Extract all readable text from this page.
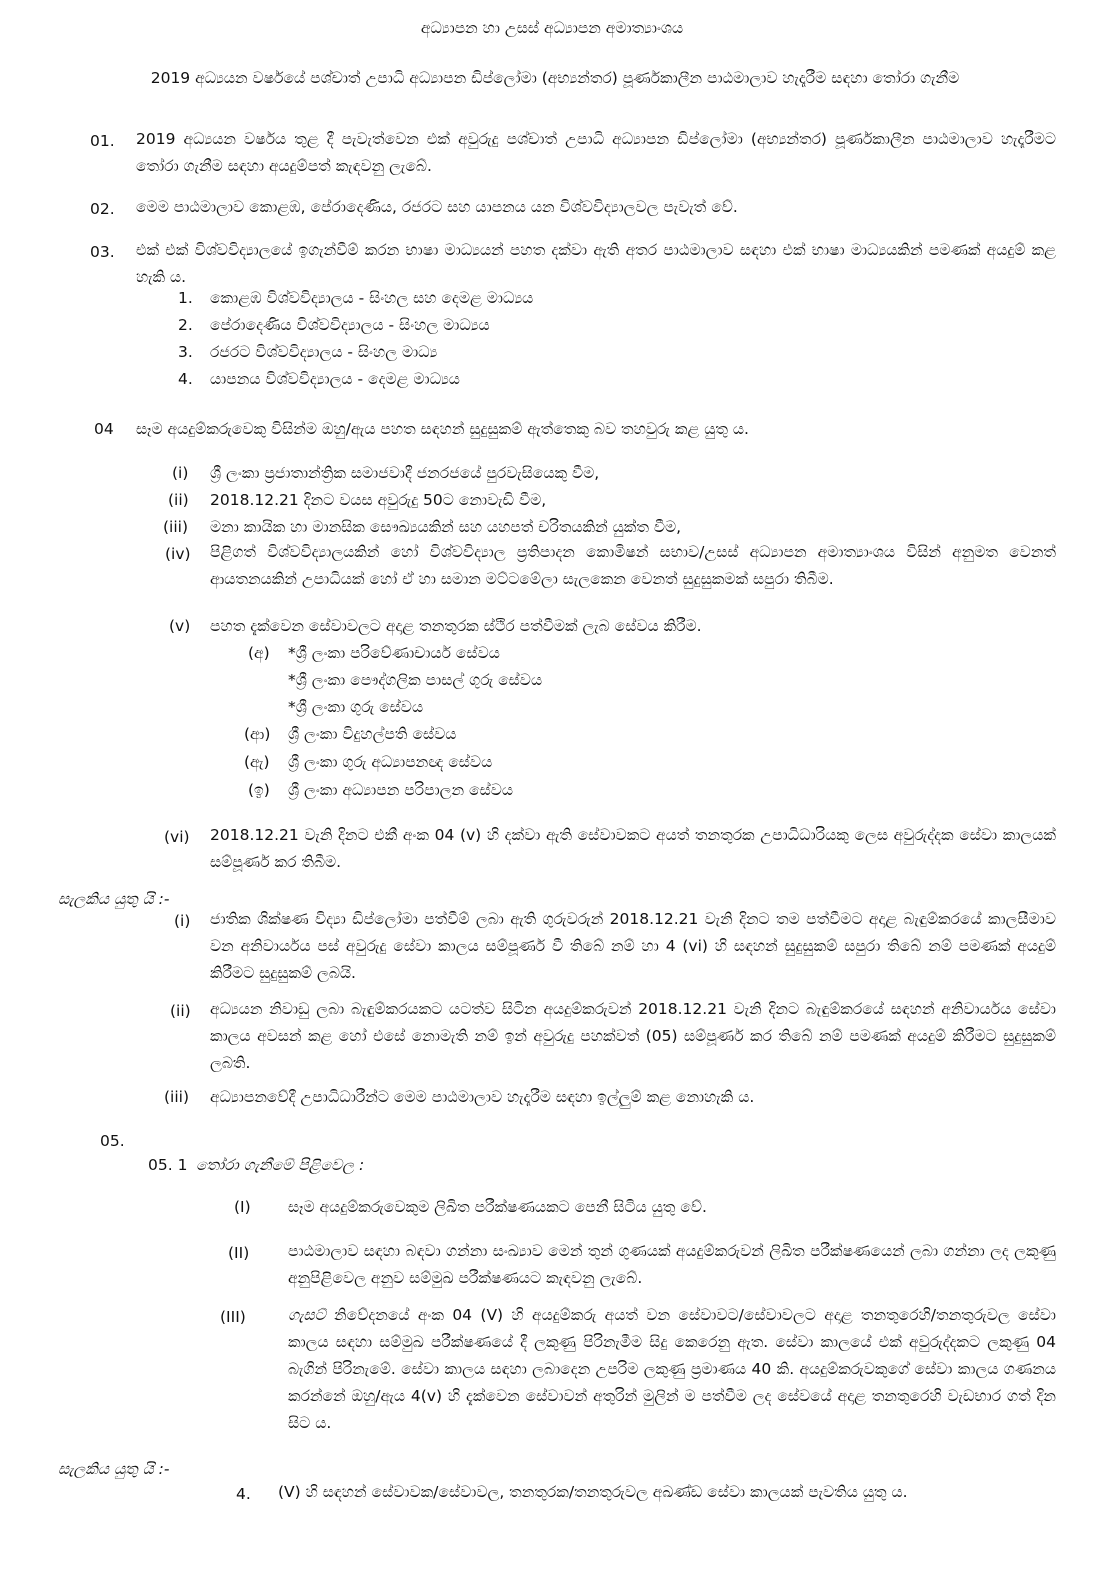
අධ්‍යාපන හා උසස් අධ්‍යාපන අමාත්‍යාංශය
2019 අධ්‍යයන වර්ෂයේ පශ්චාත් උපාධි අධ්‍යාපන ඩිප්ලෝමා (අභ්‍යන්තර) පූර්ණකාලීන පාඨමාලාව හැදෑරීම සඳහා තෝරා ගැනීම
01. 2019 අධ්‍යයන වර්ෂය තුළ දී පැවැත්වෙන එක් අවුරුදු පශ්චාත් උපාධි අධ්‍යාපන ඩිප්ලෝමා (අභ්‍යන්තර) පූර්ණකාලීන පාඨමාලාව හැදෑරීමට තෝරා ගැනීම සඳහා අයදුම්පත් කැඳවනු ලැබේ.
02. මෙම පාඨමාලාව කොළඹ, පේරාදෙණිය, රජරට සහ යාපනය යන විශ්වවිද්‍යාලවල පැවැත් වේ.
03. එක් එක් විශ්වවිද්‍යාලයේ ඉගැන්වීම් කරන භාෂා මාධ්‍යයන් පහත දක්වා ඇති අතර පාඨමාලාව සඳහා එක් භාෂා මාධ්‍යයකින් පමණක් අයදුම් කළ හැකි ය.
1. කොළඹ විශ්වවිද්‍යාලය - සිංහල සහ දෙමළ මාධ්‍යය
2. පේරාදෙණිය විශ්වවිද්‍යාලය - සිංහල මාධ්‍යය
3. රජරට විශ්වවිද්‍යාලය - සිංහල මාධ්‍ය
4. යාපනය විශ්වවිද්‍යාලය - දෙමළ මාධ්‍යය
04 සෑම අයදුම්කරුවෙකු විසින්ම ඔහු/ඇය පහත සඳහන් සුදුසුකම් ඇත්තෙකු බව තහවුරු කළ යුතු ය.
(i) ශ්‍රී ලංකා ප්‍රජාතාන්ත්‍රික සමාජවාදී ජනරජයේ පුරවැසියෙකු වීම,
(ii) 2018.12.21 දිනට වයස අවුරුදු 50ට නොවැඩි වීම,
(iii) මනා කායික හා මානසික සෞඛ්‍යයකින් සහ යහපත් චරිතයකින් යුක්ත වීම,
(iv) පිළිගත් විශ්වවිද්‍යාලයකින් හෝ විශ්වවිද්‍යාල ප්‍රතිපාදන කොමිෂන් සභාව/උසස් අධ්‍යාපන අමාත්‍යාංශය විසින් අනුමත වෙනත් ආයතනයකින් උපාධියක් හෝ ඒ හා සමාන මට්ටමේලා සැලකෙන වෙනත් සුදුසුකමක් සපුරා තිබීම.
(v) පහත දැක්වෙන සේවාවලට අදාළ තනතුරක ස්ථිර පත්වීමක් ලැබ සේවය කිරීම.
(අ) *ශ්‍රී ලංකා පරිවේණාචාර්ය සේවය
*ශ්‍රී ලංකා පෞද්ගලික පාසල් ගුරු සේවය
*ශ්‍රී ලංකා ගුරු සේවය
(ආ) ශ්‍රී ලංකා විදුහල්පති සේවය
(ඇ) ශ්‍රී ලංකා ගුරු අධ්‍යාපනඥ සේවය
(ඉ) ශ්‍රී ලංකා අධ්‍යාපන පරිපාලන සේවය
(vi) 2018.12.21 වැනි දිනට එකී අංක 04 (v) හි දක්වා ඇති සේවාවකට අයත් තනතුරක උපාධිධාරියකු ලෙස අවුරුද්දක සේවා කාලයක් සම්පූර්ණ කර තිබීම.
සැලකිය යුතු යි :-
(i) ජාතික ශික්ෂණ විද්‍යා ඩිප්ලෝමා පත්වීම් ලබා ඇති ගුරුවරුන් 2018.12.21 වැනි දිනට තම පත්වීමට අදාළ බැඳුම්කරයේ කාලසීමාව වන අනිවාර්යය පස් අවුරුදු සේවා කාලය සම්පූර්ණ වී තිබේ නම් හා 4 (vi) හි සඳහන් සුදුසුකම් සපුරා තිබේ නම් පමණක් අයදුම් කිරීමට සුදුසුකම් ලබයි.
(ii) අධ්‍යයන නිවාඩු ලබා බැඳුම්කරයකට යටත්ව සිටින අයදුම්කරුවන් 2018.12.21 වැනි දිනට බැඳුම්කරයේ සඳහන් අනිවාර්යය සේවා කාලය අවසන් කළ හෝ එසේ නොමැති නම් ඉන් අවුරුදු පහක්වත් (05) සම්පූර්ණ කර තිබේ නම් පමණක් අයදුම් කිරීමට සුදුසුකම් ලබති.
(iii) අධ්‍යාපනවේදී උපාධිධාරීන්ට මෙම පාඨමාලාව හැදෑරීම සඳහා ඉල්ලුම් කළ නොහැකි ය.
05.
05. 1 තෝරා ගැනීමේ පිළිවෙල :
(I) සෑම අයදුම්කරුවෙකුම ලිඛිත පරීක්ෂණයකට පෙනී සිටිය යුතු වේ.
(II)	පාඨමාලාව සඳහා බඳවා ගන්නා සංඛ්‍යාව මෙන් තුන් ගුණයක් අයදුම්කරුවන් ලිඛිත පරීක්ෂණයෙන් ලබා ගන්නා ලද ලකුණු අනුපිළිවෙල අනුව සම්මුඛ පරීක්ෂණයට කැඳවනු ලැබේ.
(III)	ගැසට් නිවේදනයේ අංක 04 (V) හි අයදුම්කරු අයත් වන සේවාවට/සේවාවලට අදාළ තනතුරෙහි/තනතුරුවල සේවා කාලය සඳහා සම්මුඛ පරීක්ෂණයේ දී ලකුණු පිරිනැමීම සිදු කෙරෙනු ඇත. සේවා කාලයේ එක් අවුරුද්දකට ලකුණු 04 බැගින් පිරිනැමේ. සේවා කාලය සඳහා ලබාදෙන උපරිම ලකුණු ප්‍රමාණය 40 කි. අයදුම්කරුවකුගේ සේවා කාලය ගණනය කරන්නේ ඔහු/ඇය 4(v) හි දැක්වෙන සේවාවන් අතුරින් මුලින් ම පත්වීම ලද සේවයේ අදාළ තනතුරෙහි වැඩභාර ගත් දින සිට ය.
සැලකිය යුතු යි :-
4. (V) හි සඳහන් සේවාවක/සේවාවල, තනතුරක/තනතුරුවල අඛණ්ඩ සේවා කාලයක් පැවතිය යුතු ය.
